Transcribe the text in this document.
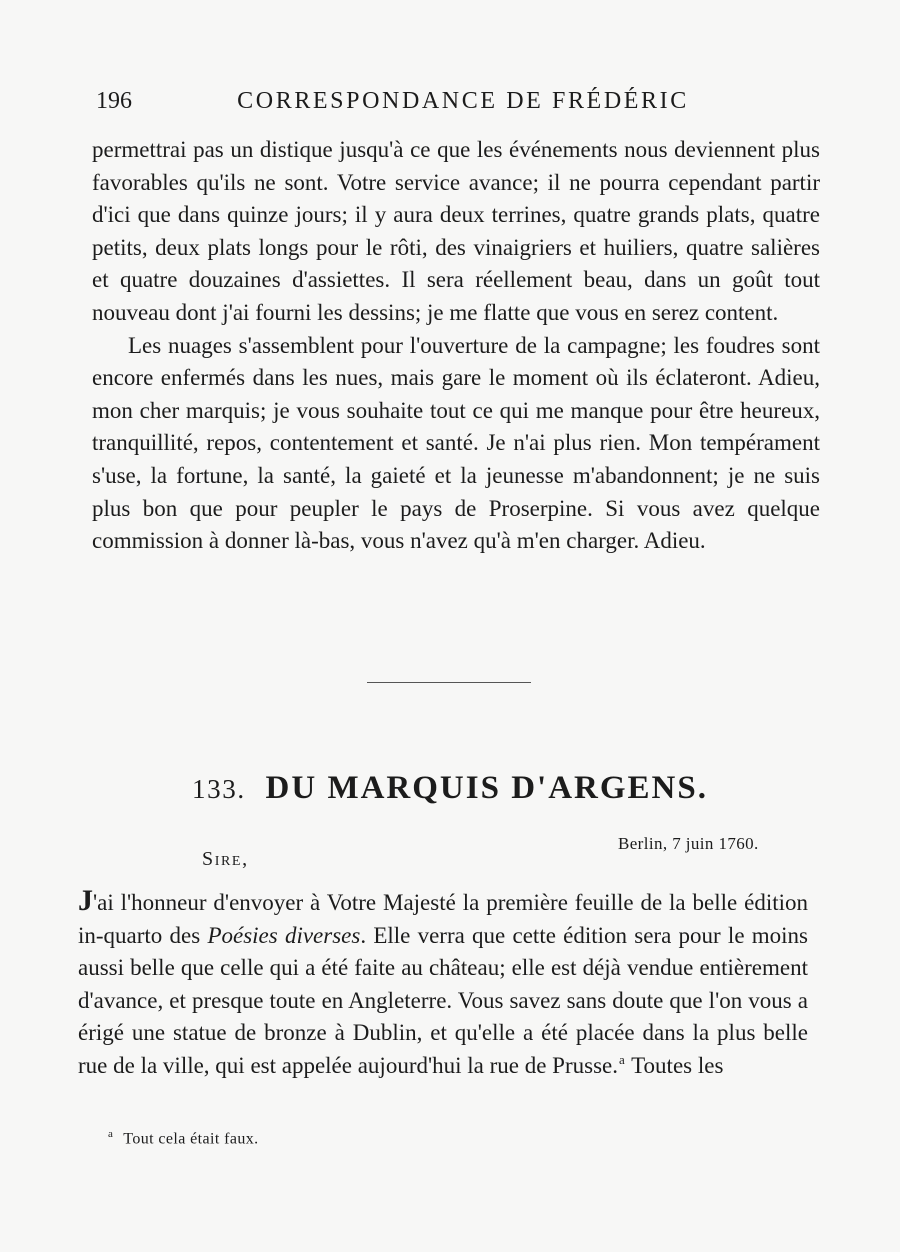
196	CORRESPONDANCE DE FRÉDÉRIC

permettrai pas un distique jusqu'à ce que les événements nous deviennent plus favorables qu'ils ne sont. Votre service avance; il ne pourra cependant partir d'ici que dans quinze jours; il y aura deux terrines, quatre grands plats, quatre petits, deux plats longs pour le rôti, des vinaigriers et huiliers, quatre salières et quatre douzaines d'assiettes. Il sera réellement beau, dans un goût tout nouveau dont j'ai fourni les dessins; je me flatte que vous en serez content.

Les nuages s'assemblent pour l'ouverture de la campagne; les foudres sont encore enfermés dans les nues, mais gare le moment où ils éclateront. Adieu, mon cher marquis; je vous souhaite tout ce qui me manque pour être heureux, tranquillité, repos, contentement et santé. Je n'ai plus rien. Mon tempérament s'use, la fortune, la santé, la gaieté et la jeunesse m'abandonnent; je ne suis plus bon que pour peupler le pays de Proserpine. Si vous avez quelque commission à donner là-bas, vous n'avez qu'à m'en charger. Adieu.

133. DU MARQUIS D'ARGENS.
Berlin, 7 juin 1760.
Sire,

J'ai l'honneur d'envoyer à Votre Majesté la première feuille de la belle édition in-quarto des Poésies diverses. Elle verra que cette édition sera pour le moins aussi belle que celle qui a été faite au château; elle est déjà vendue entièrement d'avance, et presque toute en Angleterre. Vous savez sans doute que l'on vous a érigé une statue de bronze à Dublin, et qu'elle a été placée dans la plus belle rue de la ville, qui est appelée aujourd'hui la rue de Prusse.$^a$ Toutes les

$^a$ Tout cela était faux.
